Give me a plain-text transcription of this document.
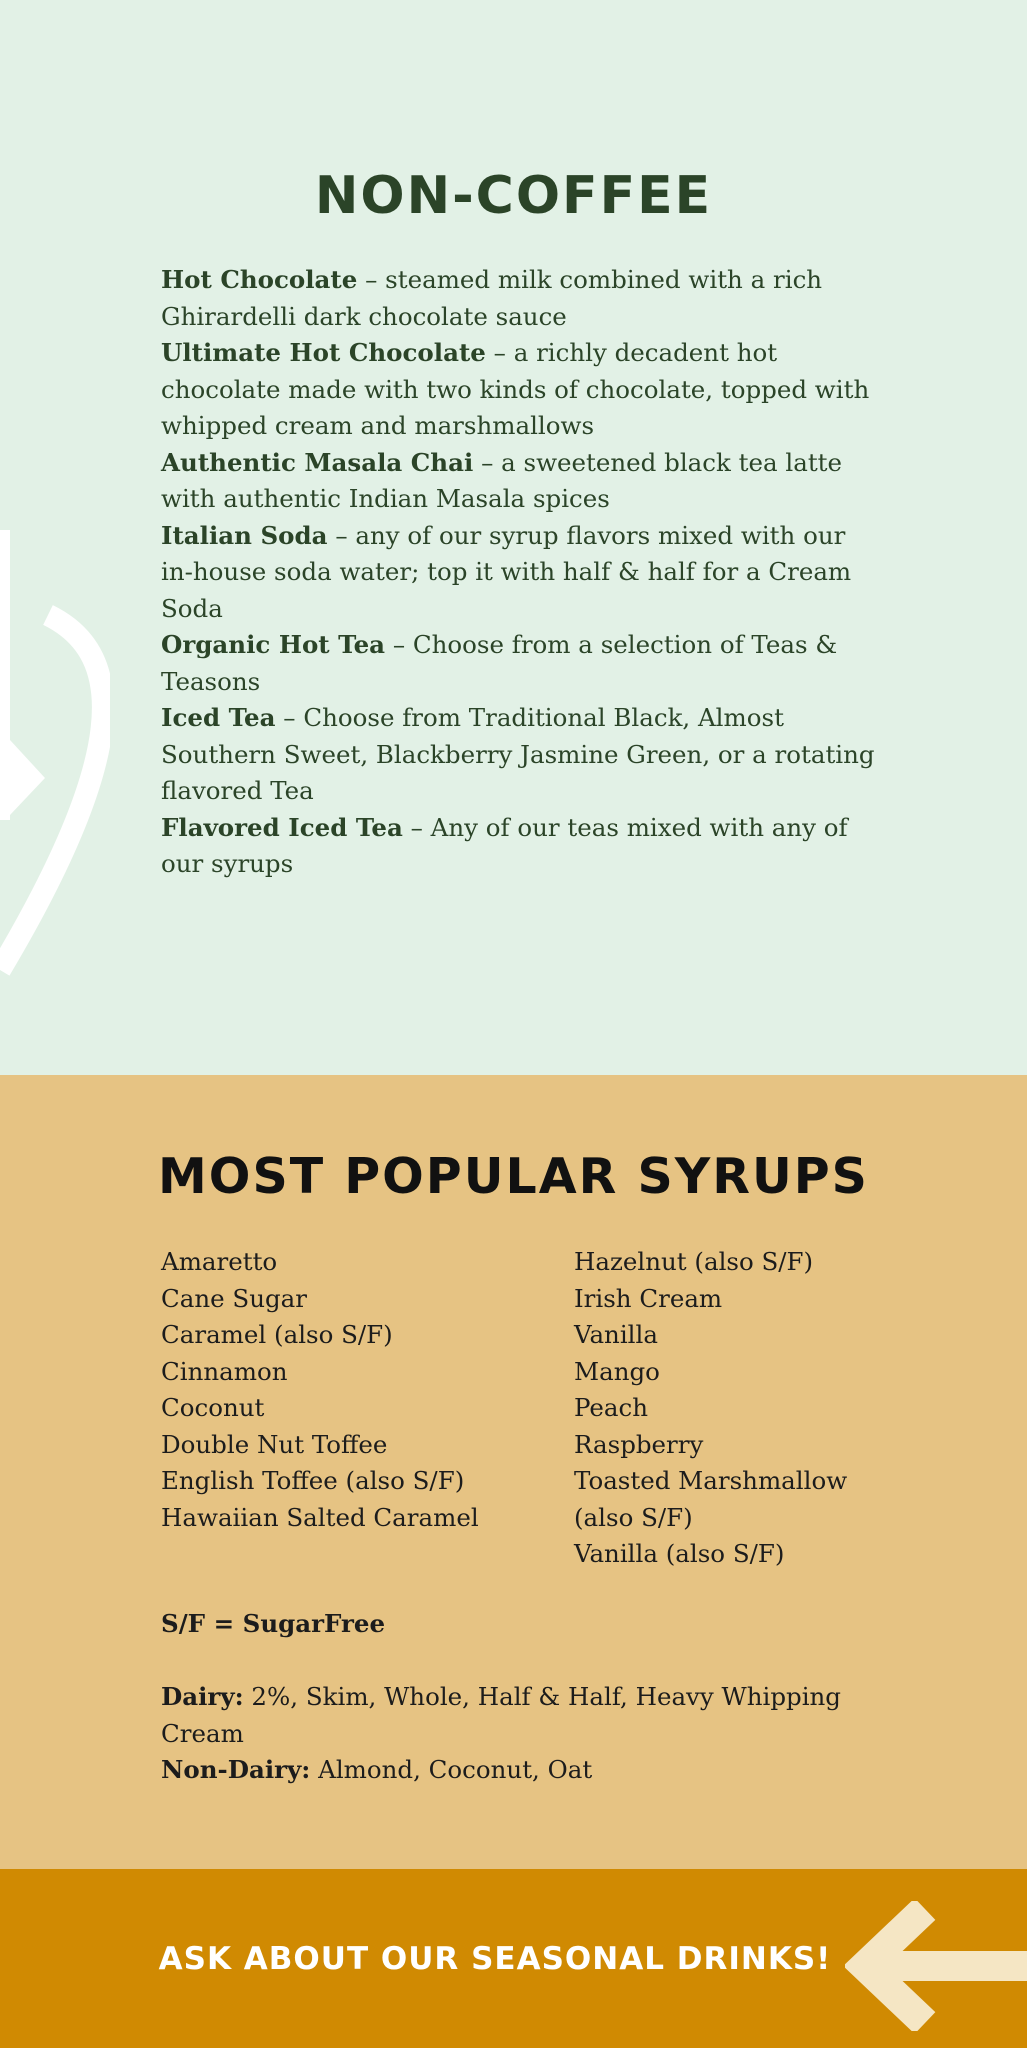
NON-COFFEE

Hot Chocolate – steamed milk combined with a rich Ghirardelli dark chocolate sauce

Ultimate Hot Chocolate – a richly decadent hot chocolate made with two kinds of chocolate, topped with whipped cream and marshmallows

Authentic Masala Chai – a sweetened black tea latte with authentic Indian Masala spices

Italian Soda – any of our syrup flavors mixed with our in-house soda water; top it with half & half for a Cream Soda

Organic Hot Tea – Choose from a selection of Teas & Teasons

Iced Tea – Choose from Traditional Black, Almost Southern Sweet, Blackberry Jasmine Green, or a rotating flavored Tea

Flavored Iced Tea – Any of our teas mixed with any of our syrups

MOST POPULAR SYRUPS
Amaretto
Cane Sugar
Caramel (also S/F)
Cinnamon
Coconut
Double Nut Toffee
English Toffee (also S/F)
Hawaiian Salted Caramel
Hazelnut (also S/F)
Irish Cream
Vanilla
Mango
Peach
Raspberry
Toasted Marshmallow (also S/F)
Vanilla (also S/F)

S/F = SugarFree

Dairy: 2%, Skim, Whole, Half & Half, Heavy Whipping Cream
Non-Dairy: Almond, Coconut, Oat

ASK ABOUT OUR SEASONAL DRINKS!
